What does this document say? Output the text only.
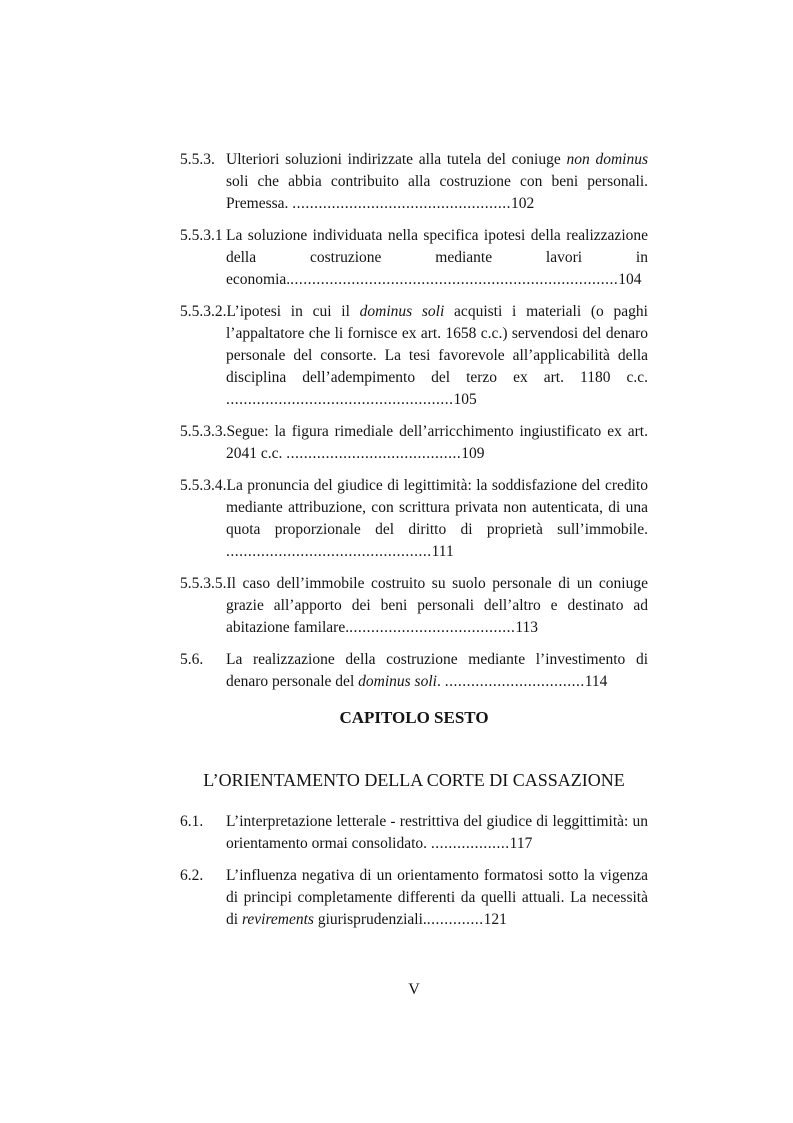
5.5.3. Ulteriori soluzioni indirizzate alla tutela del coniuge non dominus soli che abbia contribuito alla costruzione con beni personali. Premessa. ..................................................102

5.5.3.1 La soluzione individuata nella specifica ipotesi della realizzazione della costruzione mediante lavori in economia............................................................................104

5.5.3.2.L’ipotesi in cui il dominus soli acquisti i materiali (o paghi l’appaltatore che li fornisce ex art. 1658 c.c.) servendosi del denaro personale del consorte. La tesi favorevole all’applicabilità della disciplina dell’adempimento del terzo ex art. 1180 c.c. ....................................................105

5.5.3.3.Segue: la figura rimediale dell’arricchimento ingiustificato ex art. 2041 c.c. ........................................109

5.5.3.4.La pronuncia del giudice di legittimità: la soddisfazione del credito mediante attribuzione, con scrittura privata non autenticata, di una quota proporzionale del diritto di proprietà sull’immobile. ...............................................111

5.5.3.5.Il caso dell’immobile costruito su suolo personale di un coniuge grazie all’apporto dei beni personali dell’altro e destinato ad abitazione familare.......................................113

5.6. La realizzazione della costruzione mediante l’investimento di denaro personale del dominus soli. ................................114

CAPITOLO SESTO
L’ORIENTAMENTO DELLA CORTE DI CASSAZIONE

6.1. L’interpretazione letterale - restrittiva del giudice di leggittimità: un orientamento ormai consolidato. ..................117

6.2. L’influenza negativa di un orientamento formatosi sotto la vigenza di principi completamente differenti da quelli attuali. La necessità di revirements giurisprudenziali..............121

V
